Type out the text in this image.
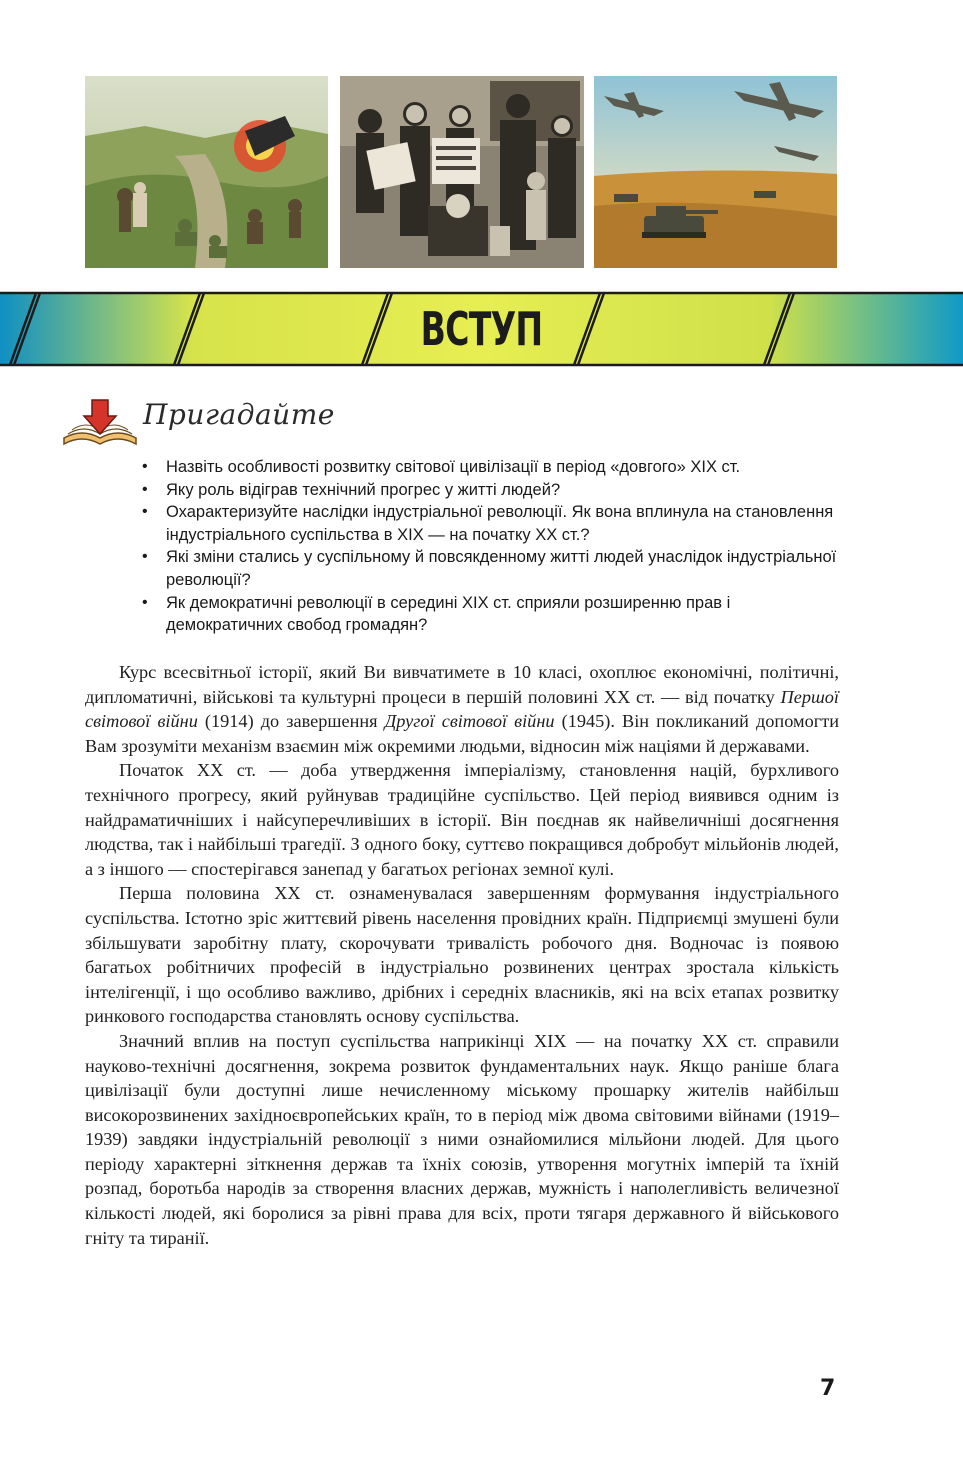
ВСТУП
Пригадайте
• Назвіть особливості розвитку світової цивілізації в період «довгого» XIX ст.
• Яку роль відіграв технічний прогрес у житті людей?
• Охарактеризуйте наслідки індустріальної революції. Як вона вплинула на становлення індустріального суспільства в XIX — на початку XX ст.?
• Які зміни стались у суспільному й повсякденному житті людей унаслідок індустріальної революції?
• Як демократичні революції в середині XIX ст. сприяли розширенню прав і демократичних свобод громадян?

Курс всесвітньої історії, який Ви вивчатимете в 10 класі, охоплює економічні, політичні, дипломатичні, військові та культурні процеси в першій половині XX ст. — від початку Першої світової війни (1914) до завершення Другої світової війни (1945). Він покликаний допомогти Вам зрозуміти механізм взаємин між окремими людьми, відносин між націями й державами.

Початок XX ст. — доба утвердження імперіалізму, становлення націй, бурхливого технічного прогресу, який руйнував традиційне суспільство. Цей період виявився одним із найдраматичніших і найсуперечливіших в історії. Він поєднав як найвеличніші досягнення людства, так і найбільші трагедії. З одного боку, суттєво покращився добробут мільйонів людей, а з іншого — спостерігався занепад у багатьох регіонах земної кулі.

Перша половина XX ст. ознаменувалася завершенням формування індустріального суспільства. Істотно зріс життєвий рівень населення провідних країн. Підприємці змушені були збільшувати заробітну плату, скорочувати тривалість робочого дня. Водночас із появою багатьох робітничих професій в індустріально розвинених центрах зростала кількість інтелігенції, і що особливо важливо, дрібних і середніх власників, які на всіх етапах розвитку ринкового господарства становлять основу суспільства.

Значний вплив на поступ суспільства наприкінці XIX — на початку XX ст. справили науково-технічні досягнення, зокрема розвиток фундаментальних наук. Якщо раніше блага цивілізації були доступні лише нечисленному міському прошарку жителів найбільш високорозвинених західноєвропейських країн, то в період між двома світовими війнами (1919–1939) завдяки індустріальній революції з ними ознайомилися мільйони людей. Для цього періоду характерні зіткнення держав та їхніх союзів, утворення могутніх імперій та їхній розпад, боротьба народів за створення власних держав, мужність і наполегливість величезної кількості людей, які боролися за рівні права для всіх, проти тягаря державного й військового гніту та тиранії.

7
